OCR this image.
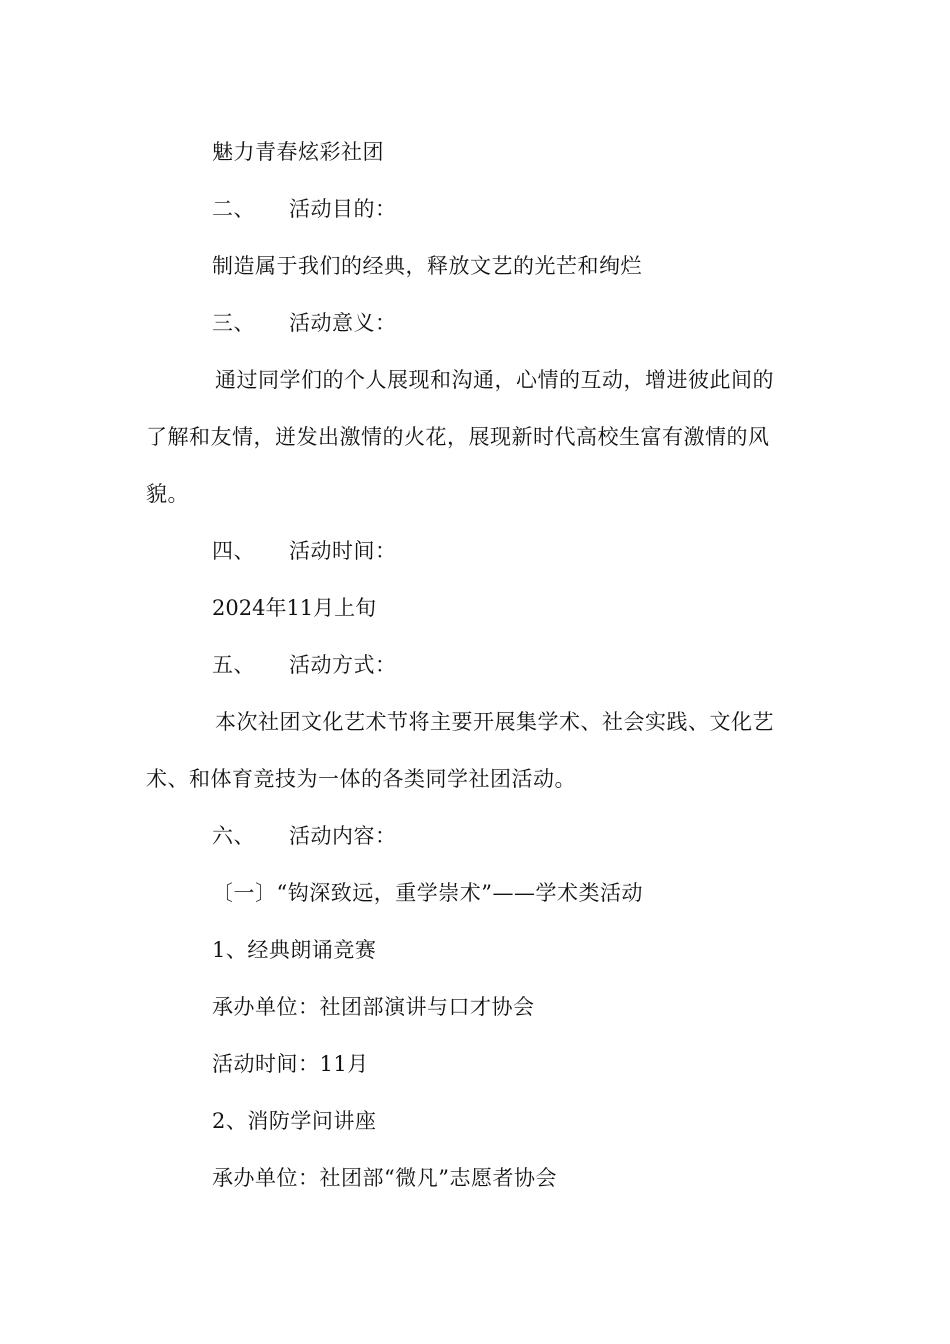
魅力青春炫彩社团
二、 活动目的：
制造属于我们的经典，释放文艺的光芒和绚烂
三、 活动意义：
通过同学们的个人展现和沟通，心情的互动，增进彼此间的
了解和友情，迸发出激情的火花，展现新时代高校生富有激情的风
貌。
四、 活动时间：
2024年11月上旬
五、 活动方式：
本次社团文化艺术节将主要开展集学术、社会实践、文化艺
术、和体育竞技为一体的各类同学社团活动。
六、 活动内容：
〔一〕“钩深致远，重学崇术”——学术类活动
1、经典朗诵竞赛
承办单位：社团部演讲与口才协会
活动时间：11月
2、消防学问讲座
承办单位：社团部“微凡”志愿者协会
